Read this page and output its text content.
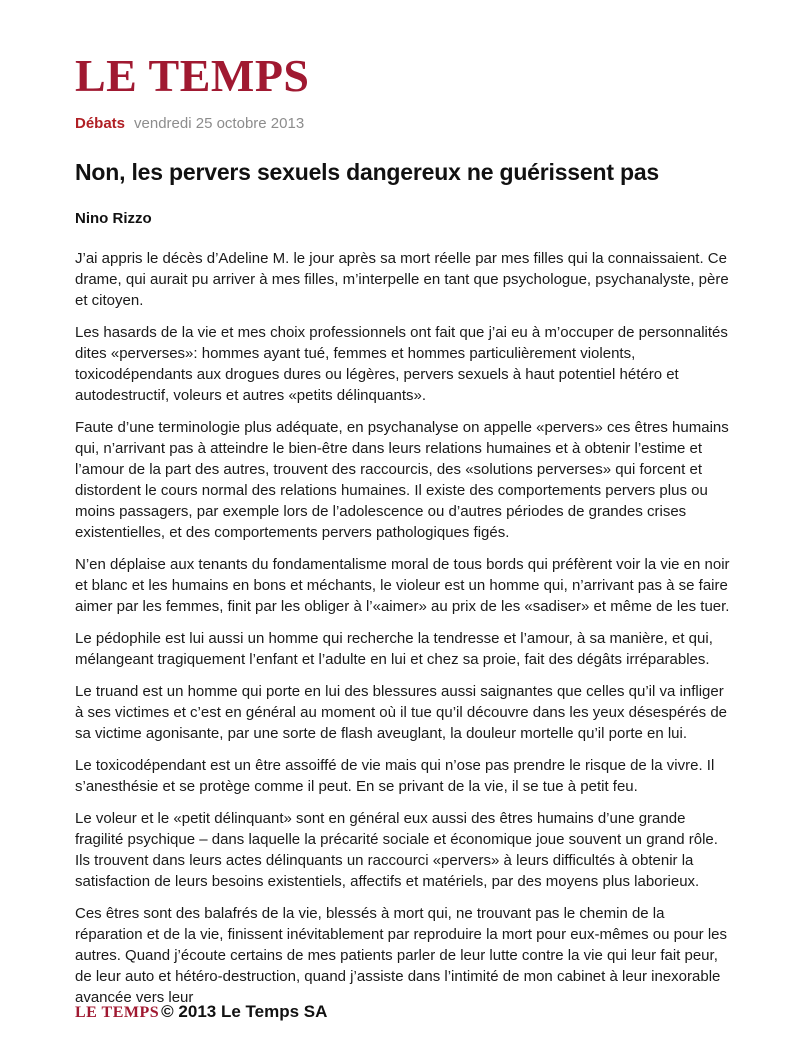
LE TEMPS
Débats vendredi 25 octobre 2013
Non, les pervers sexuels dangereux ne guérissent pas
Nino Rizzo

J’ai appris le décès d’Adeline M. le jour après sa mort réelle par mes filles qui la connaissaient. Ce drame, qui aurait pu arriver à mes filles, m’interpelle en tant que psychologue, psychanalyste, père et citoyen.

Les hasards de la vie et mes choix professionnels ont fait que j’ai eu à m’occuper de personnalités dites «perverses»: hommes ayant tué, femmes et hommes particulièrement violents, toxicodépendants aux drogues dures ou légères, pervers sexuels à haut potentiel hétéro et autodestructif, voleurs et autres «petits délinquants».

Faute d’une terminologie plus adéquate, en psychanalyse on appelle «pervers» ces êtres humains qui, n’arrivant pas à atteindre le bien-être dans leurs relations humaines et à obtenir l’estime et l’amour de la part des autres, trouvent des raccourcis, des «solutions perverses» qui forcent et distordent le cours normal des relations humaines. Il existe des comportements pervers plus ou moins passagers, par exemple lors de l’adolescence ou d’autres périodes de grandes crises existentielles, et des comportements pervers pathologiques figés.

N’en déplaise aux tenants du fondamentalisme moral de tous bords qui préfèrent voir la vie en noir et blanc et les humains en bons et méchants, le violeur est un homme qui, n’arrivant pas à se faire aimer par les femmes, finit par les obliger à l’«aimer» au prix de les «sadiser» et même de les tuer.

Le pédophile est lui aussi un homme qui recherche la tendresse et l’amour, à sa manière, et qui, mélangeant tragiquement l’enfant et l’adulte en lui et chez sa proie, fait des dégâts irréparables.

Le truand est un homme qui porte en lui des blessures aussi saignantes que celles qu’il va infliger à ses victimes et c’est en général au moment où il tue qu’il découvre dans les yeux désespérés de sa victime agonisante, par une sorte de flash aveuglant, la douleur mortelle qu’il porte en lui.

Le toxicodépendant est un être assoiffé de vie mais qui n’ose pas prendre le risque de la vivre. Il s’anesthésie et se protège comme il peut. En se privant de la vie, il se tue à petit feu.

Le voleur et le «petit délinquant» sont en général eux aussi des êtres humains d’une grande fragilité psychique – dans laquelle la précarité sociale et économique joue souvent un grand rôle. Ils trouvent dans leurs actes délinquants un raccourci «pervers» à leurs difficultés à obtenir la satisfaction de leurs besoins existentiels, affectifs et matériels, par des moyens plus laborieux.

Ces êtres sont des balafrés de la vie, blessés à mort qui, ne trouvant pas le chemin de la réparation et de la vie, finissent inévitablement par reproduire la mort pour eux-mêmes ou pour les autres. Quand j’écoute certains de mes patients parler de leur lutte contre la vie qui leur fait peur, de leur auto et hétéro-destruction, quand j’assiste dans l’intimité de mon cabinet à leur inexorable avancée vers leur

LE TEMPS © 2013 Le Temps SA
